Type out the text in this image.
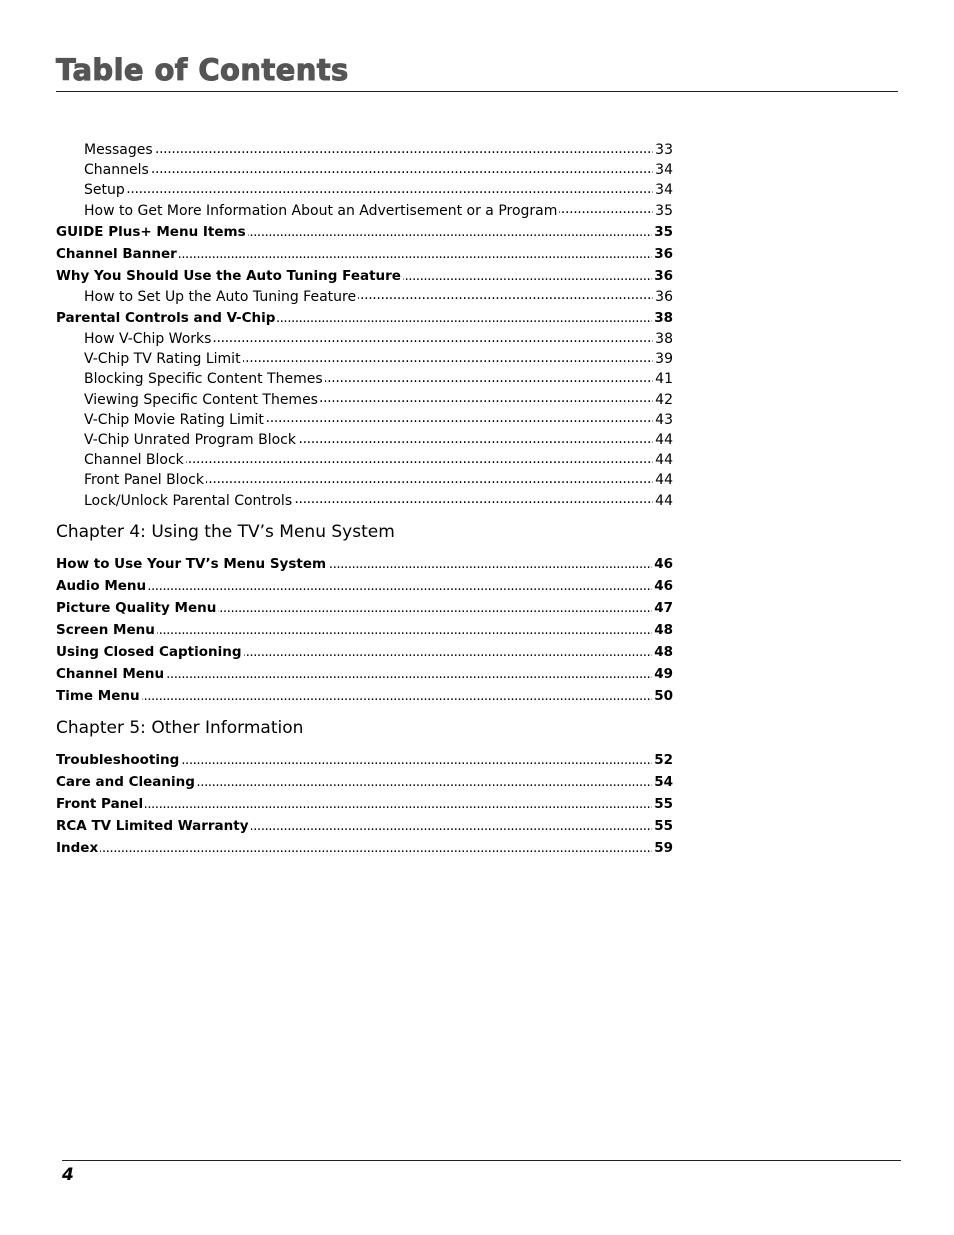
Table of Contents
Messages . . .	33
Channels . . .	34
Setup . . .	34
How to Get More Information About an Advertisement or a Program . . .	35
GUIDE Plus+ Menu Items . . .	35
Channel Banner . . .	36
Why You Should Use the Auto Tuning Feature . . .	36
How to Set Up the Auto Tuning Feature . . .	36
Parental Controls and V-Chip . . .	38
How V-Chip Works . . .	38
V-Chip TV Rating Limit . . .	39
Blocking Specific Content Themes . . .	41
Viewing Specific Content Themes . . .	42
V-Chip Movie Rating Limit . . .	43
V-Chip Unrated Program Block . . .	44
Channel Block . . .	44
Front Panel Block . . .	44
Lock/Unlock Parental Controls . . .	44
Chapter 4: Using the TV’s Menu System
How to Use Your TV’s Menu System . . .	46
Audio Menu . . .	46
Picture Quality Menu . . .	47
Screen Menu . . .	48
Using Closed Captioning . . .	48
Channel Menu . . .	49
Time Menu . . .	50
Chapter 5: Other Information
Troubleshooting . . .	52
Care and Cleaning . . .	54
Front Panel . . .	55
RCA TV Limited Warranty . . .	55
Index . . .	59
4
